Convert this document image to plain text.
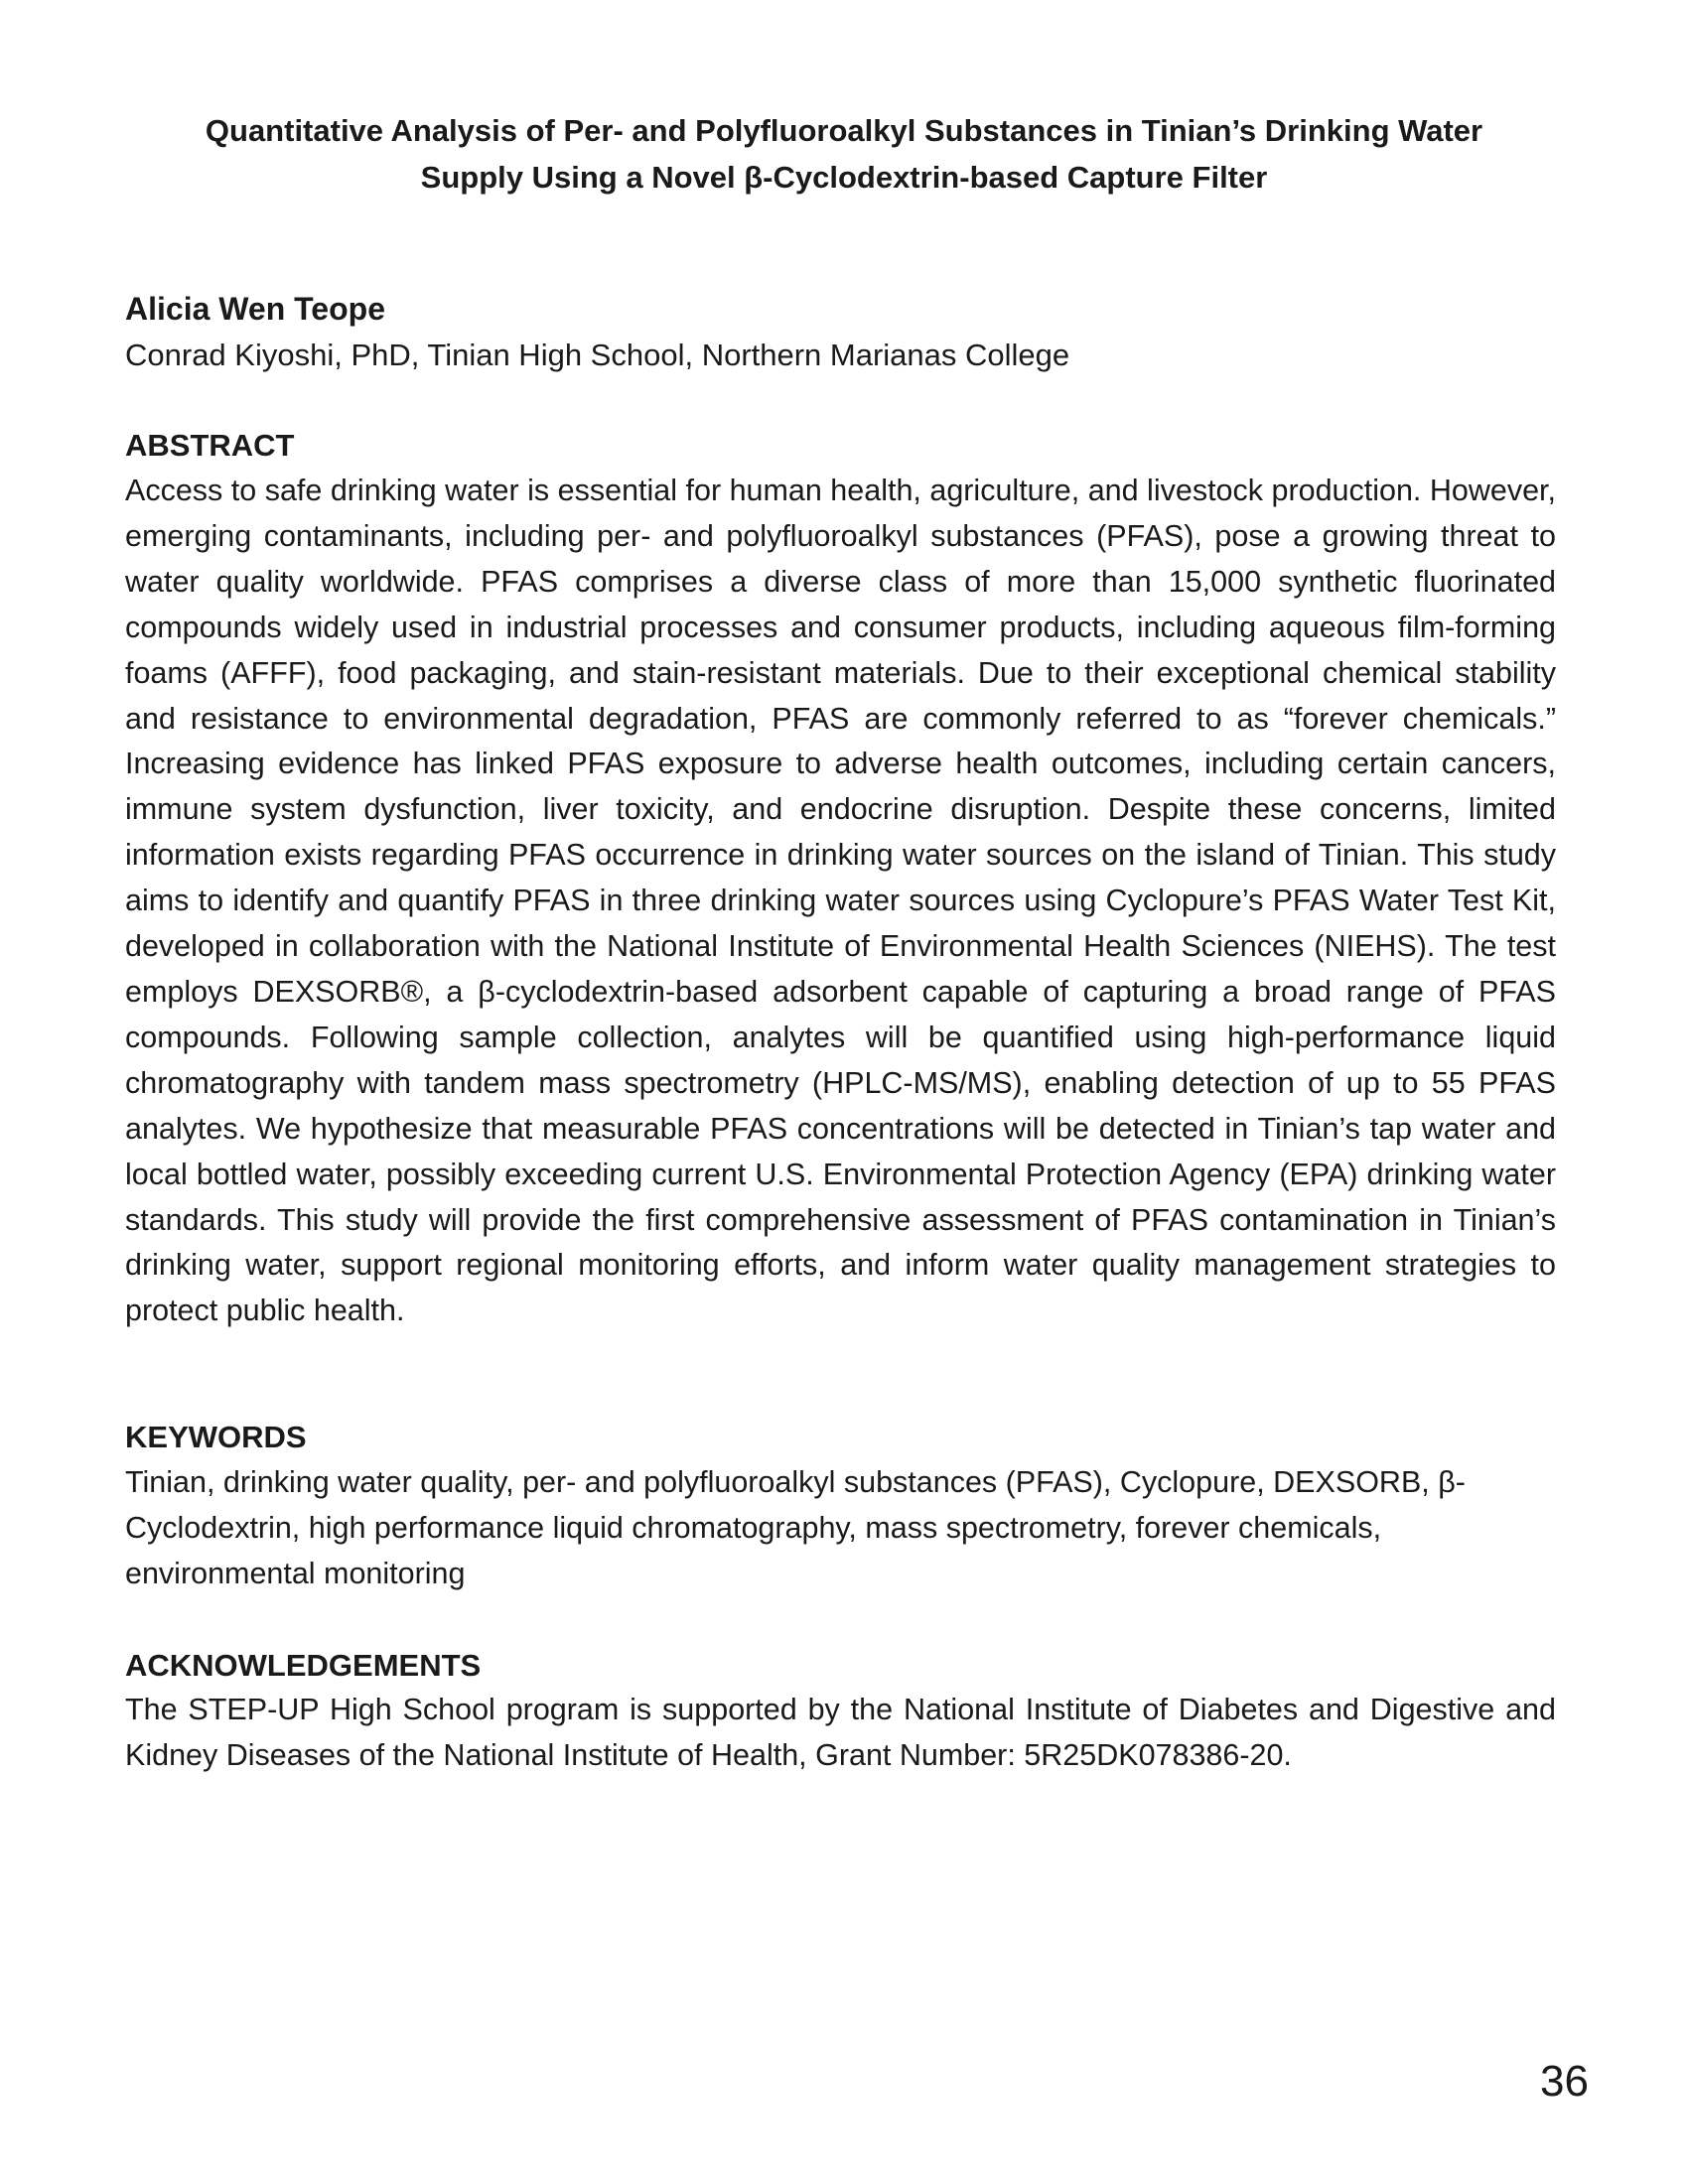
Quantitative Analysis of Per- and Polyfluoroalkyl Substances in Tinian’s Drinking Water
Supply Using a Novel β-Cyclodextrin-based Capture Filter

Alicia Wen Teope

Conrad Kiyoshi, PhD, Tinian High School, Northern Marianas College

ABSTRACT

Access to safe drinking water is essential for human health, agriculture, and livestock production. However, emerging contaminants, including per- and polyfluoroalkyl substances (PFAS), pose a growing threat to water quality worldwide. PFAS comprises a diverse class of more than 15,000 synthetic fluorinated compounds widely used in industrial processes and consumer products, including aqueous film-forming foams (AFFF), food packaging, and stain-resistant materials. Due to their exceptional chemical stability and resistance to environmental degradation, PFAS are commonly referred to as “forever chemicals.” Increasing evidence has linked PFAS exposure to adverse health outcomes, including certain cancers, immune system dysfunction, liver toxicity, and endocrine disruption. Despite these concerns, limited information exists regarding PFAS occurrence in drinking water sources on the island of Tinian. This study aims to identify and quantify PFAS in three drinking water sources using Cyclopure’s PFAS Water Test Kit, developed in collaboration with the National Institute of Environmental Health Sciences (NIEHS). The test employs DEXSORB®, a β-cyclodextrin-based adsorbent capable of capturing a broad range of PFAS compounds. Following sample collection, analytes will be quantified using high-performance liquid chromatography with tandem mass spectrometry (HPLC-MS/MS), enabling detection of up to 55 PFAS analytes. We hypothesize that measurable PFAS concentrations will be detected in Tinian’s tap water and local bottled water, possibly exceeding current U.S. Environmental Protection Agency (EPA) drinking water standards. This study will provide the first comprehensive assessment of PFAS contamination in Tinian’s drinking water, support regional monitoring efforts, and inform water quality management strategies to protect public health.

KEYWORDS

Tinian, drinking water quality, per- and polyfluoroalkyl substances (PFAS), Cyclopure, DEXSORB, β-Cyclodextrin, high performance liquid chromatography, mass spectrometry, forever chemicals, environmental monitoring

ACKNOWLEDGEMENTS

The STEP-UP High School program is supported by the National Institute of Diabetes and Digestive and Kidney Diseases of the National Institute of Health, Grant Number: 5R25DK078386-20.

36
